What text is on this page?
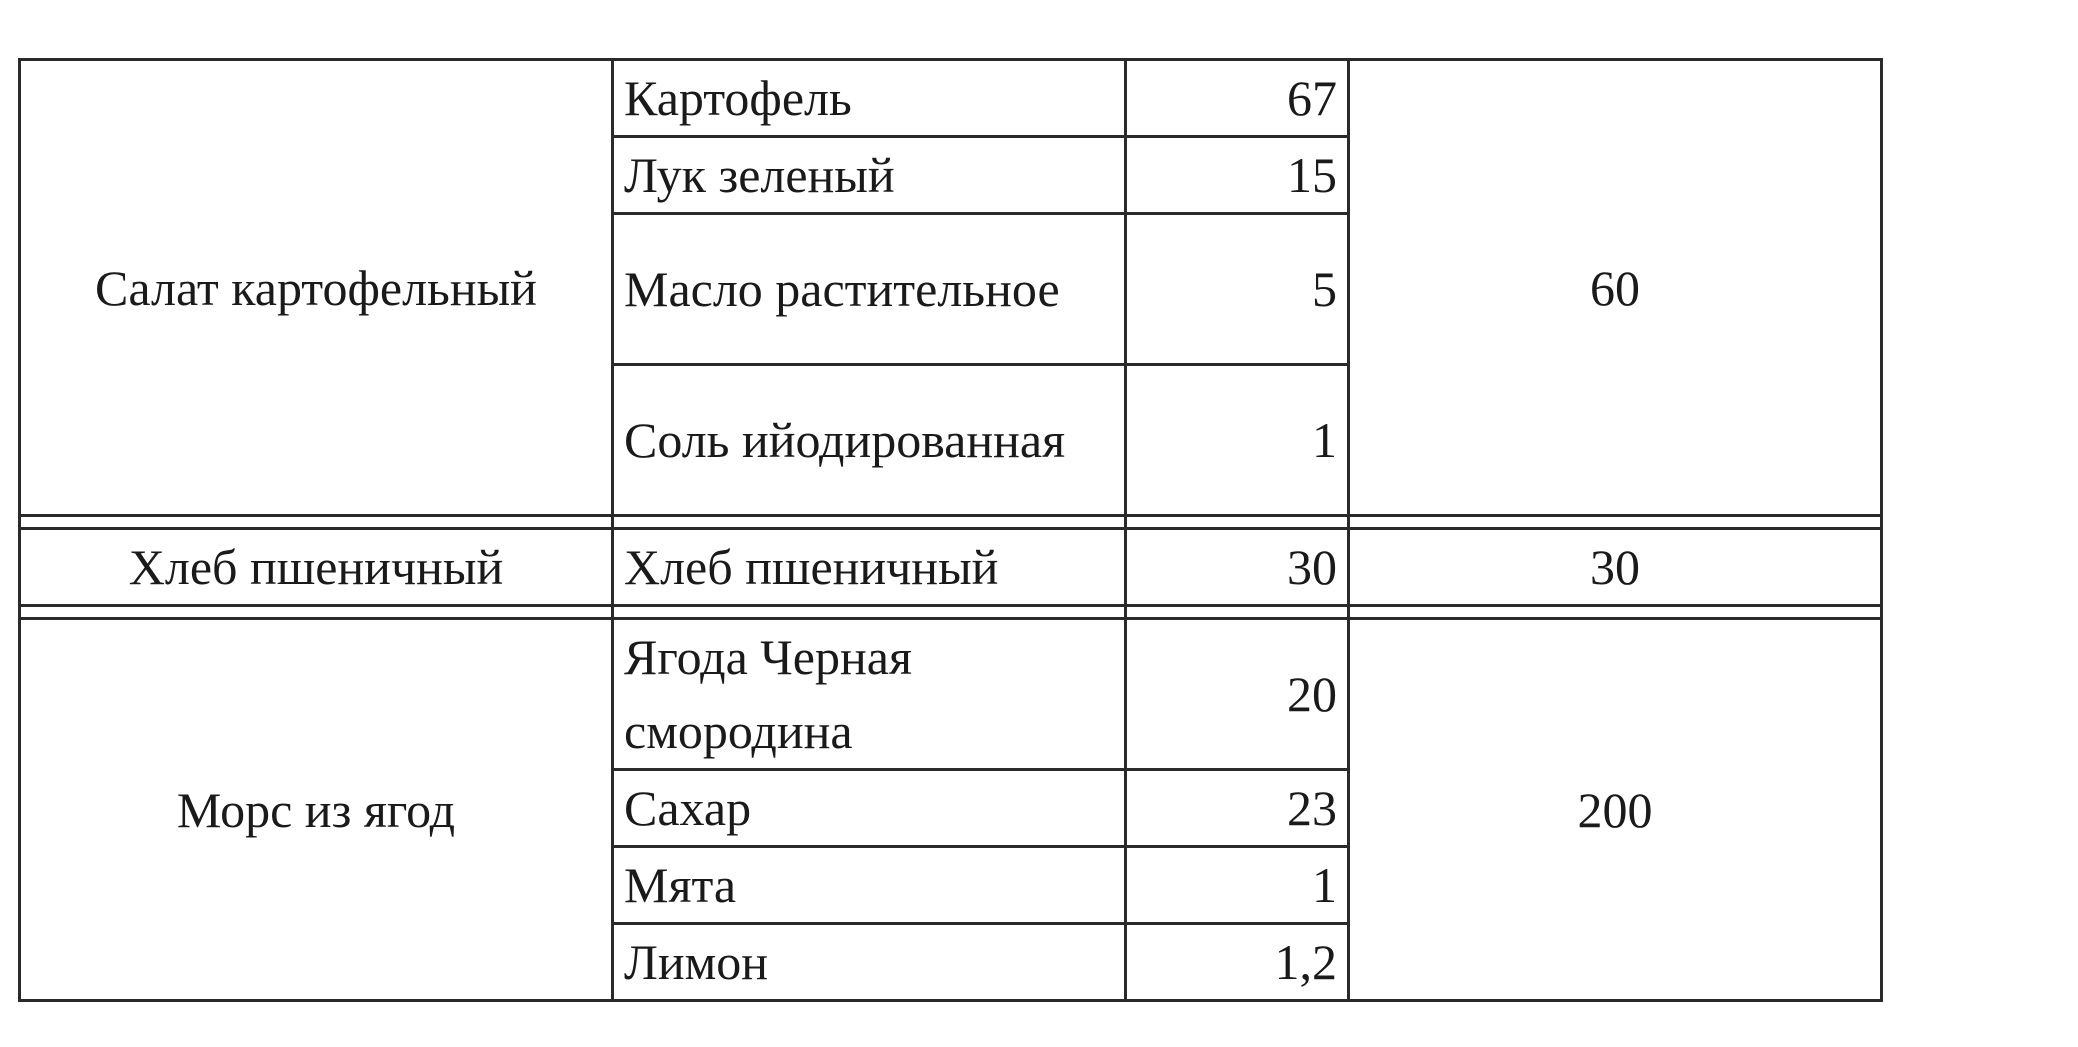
Салат картофельный	Картофель	67	60	
	Лук зеленый	15		
	Масло растительное	5		
	Соль ийодированная	1		

Хлеб пшеничный	Хлеб пшеничный	30	30	

Морс из ягод	Ягода Черная смородина	20	200	
	Сахар	23		
	Мята	1		
	Лимон	1,2		
